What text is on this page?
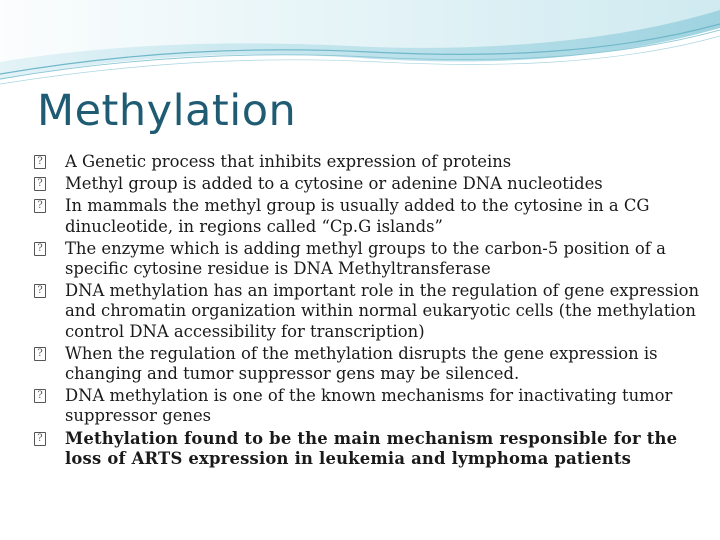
Methylation
? A Genetic process that inhibits expression of proteins
? Methyl group is added to a cytosine or adenine DNA nucleotides
? In mammals the methyl group is usually added to the cytosine in a CG dinucleotide, in regions called “Cp.G islands”
? The enzyme which is adding methyl groups to the carbon-5 position of a specific cytosine residue is DNA Methyltransferase
? DNA methylation has an important role in the regulation of gene expression and chromatin organization within normal eukaryotic cells (the methylation control DNA accessibility for transcription)
? When the regulation of the methylation disrupts the gene expression is changing and tumor suppressor gens may be silenced.
? DNA methylation is one of the known mechanisms for inactivating tumor suppressor genes
? Methylation found to be the main mechanism responsible for the loss of ARTS expression in leukemia and lymphoma patients
